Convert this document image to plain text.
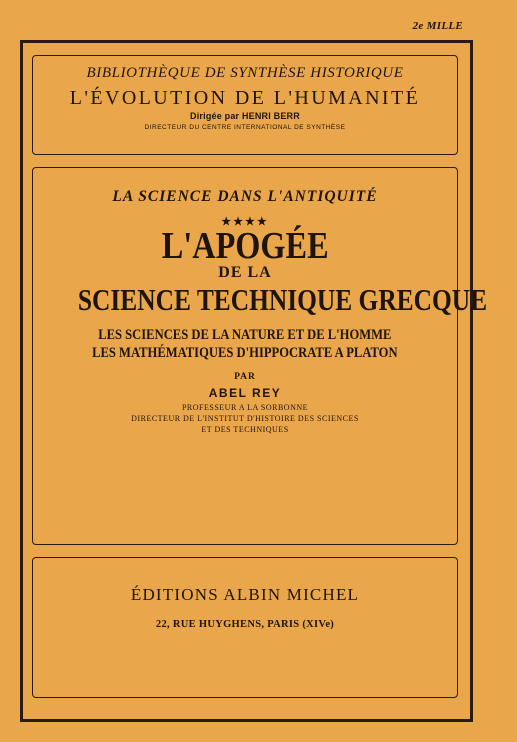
2e MILLE
BIBLIOTHÈQUE DE SYNTHÈSE HISTORIQUE
L'ÉVOLUTION DE L'HUMANITÉ
Dirigée par HENRI BERR
DIRECTEUR DU CENTRE INTERNATIONAL DE SYNTHÈSE
LA SCIENCE DANS L'ANTIQUITÉ
★★★★
L'APOGÉE
DE LA
SCIENCE TECHNIQUE GRECQUE
LES SCIENCES DE LA NATURE ET DE L'HOMME
LES MATHÉMATIQUES D'HIPPOCRATE A PLATON
PAR
ABEL REY
PROFESSEUR A LA SORBONNE
DIRECTEUR DE L'INSTITUT D'HISTOIRE DES SCIENCES
ET DES TECHNIQUES
ÉDITIONS ALBIN MICHEL
22, RUE HUYGHENS, PARIS (XIVe)
